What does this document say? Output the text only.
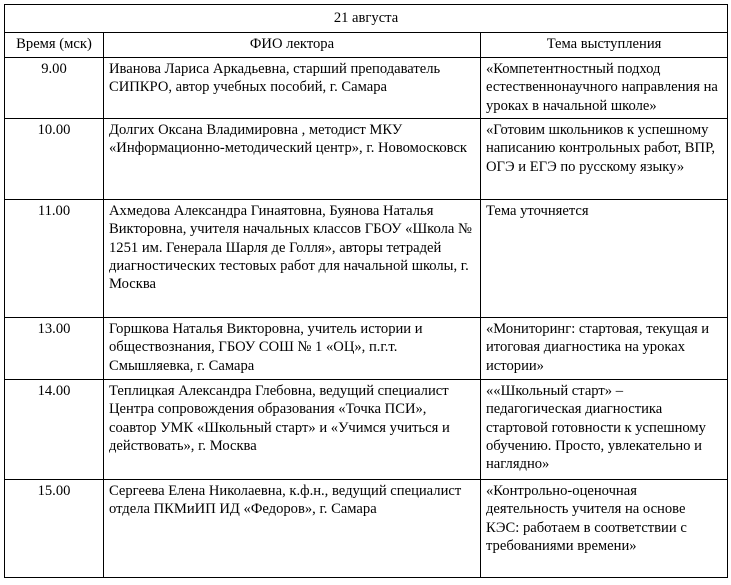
21 августа		
Время (мск)	ФИО лектора	Тема выступления
9.00	Иванова Лариса Аркадьевна, старший преподаватель СИПКРО, автор учебных пособий, г. Самара	«Компетентностный подход естественнонаучного направления на уроках в начальной школе»
10.00	Долгих Оксана Владимировна , методист МКУ «Информационно-методический центр», г. Новомосковск	«Готовим школьников к успешному написанию контрольных работ, ВПР, ОГЭ и ЕГЭ по русскому языку»
11.00	Ахмедова Александра Гинаятовна, Буянова Наталья Викторовна, учителя начальных классов ГБОУ «Школа № 1251 им. Генерала Шарля де Голля», авторы тетрадей диагностических тестовых работ для начальной школы, г. Москва	Тема уточняется
13.00	Горшкова Наталья Викторовна, учитель истории и обществознания, ГБОУ СОШ № 1 «ОЦ», п.г.т. Смышляевка, г. Самара	«Мониторинг: стартовая, текущая и итоговая диагностика на уроках истории»
14.00	Теплицкая Александра Глебовна, ведущий специалист Центра сопровождения образования «Точка ПСИ», соавтор УМК «Школьный старт» и «Учимся учиться и действовать», г. Москва	««Школьный старт» – педагогическая диагностика стартовой готовности к успешному обучению. Просто, увлекательно и наглядно»
15.00	Сергеева Елена Николаевна, к.ф.н., ведущий специалист отдела ПКМиИП ИД «Федоров», г. Самара	«Контрольно-оценочная деятельность учителя на основе КЭС: работаем в соответствии с требованиями времени»
